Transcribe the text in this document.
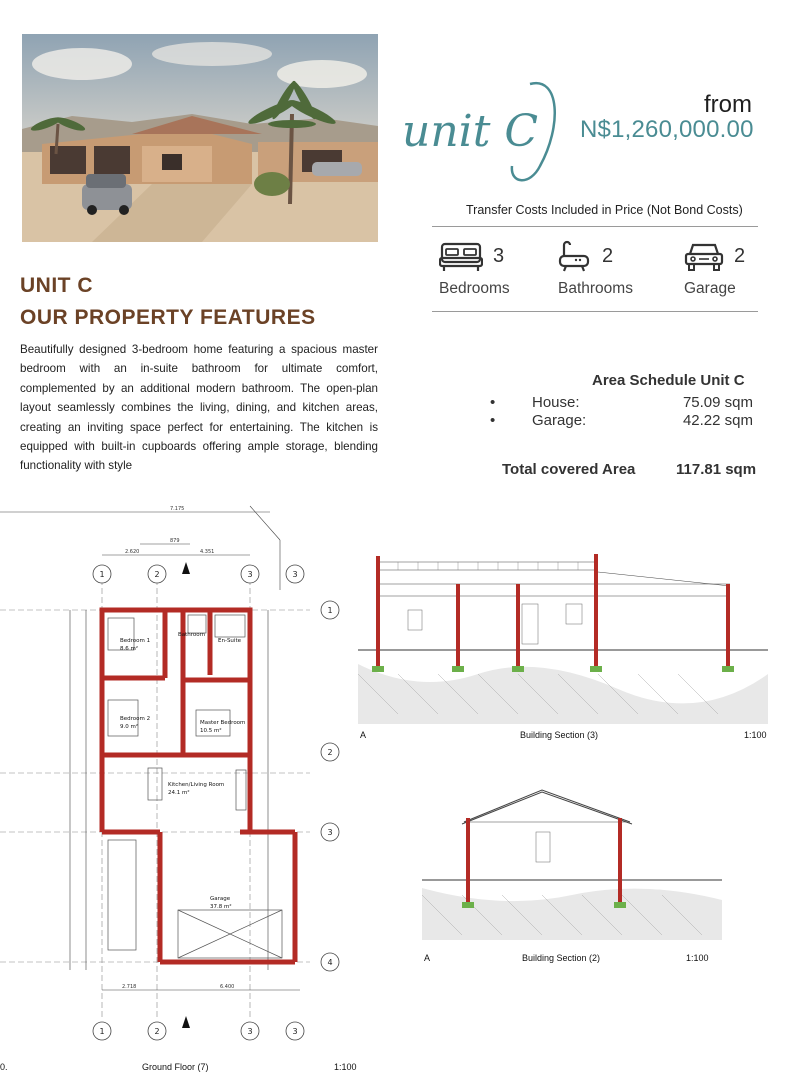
unit C
from
N$1,260,000.00
Transfer Costs Included in Price (Not Bond Costs)
3
Bedrooms
2
Bathrooms
2
Garage
UNIT C
OUR PROPERTY FEATURES
Beautifully designed 3-bedroom home featuring a spacious master bedroom with an in-suite bathroom for ultimate comfort, complemented by an additional modern bathroom. The open-plan layout seamlessly combines the living, dining, and kitchen areas, creating an inviting space perfect for entertaining. The kitchen is equipped with built-in cupboards offering ample storage, blending functionality with style
Area Schedule Unit C
• House:	75.09 sqm
• Garage:	42.22 sqm
Total covered Area	117.81 sqm
7.175
2.620	4.351
879
2.718	6.400
1	2	3	3
1	2	3	3
1
2
3
4
Bedroom 1
8.6 m²
Bathroom
En-Suite
Bedroom 2
9.0 m²
Master Bedroom
10.5 m²
Kitchen/Living Room
24.1 m²
Garage
37.8 m²
0.	Ground Floor (7)	1:100
A	Building Section (3)	1:100
A	Building Section (2)	1:100
